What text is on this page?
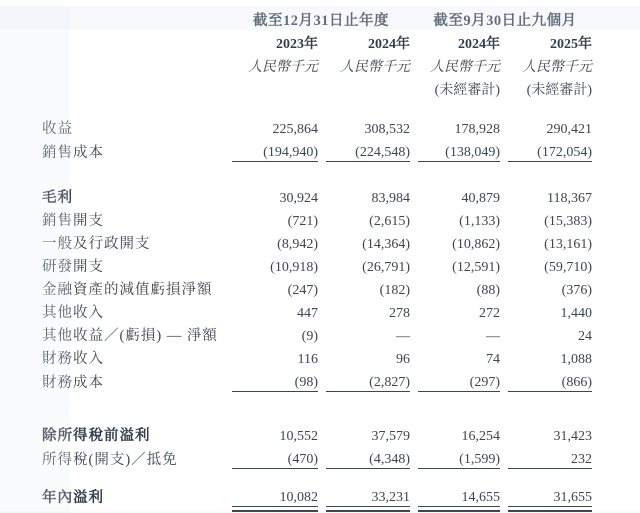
	截至12月31日止年度		截至9月30日止九個月	
	2023年	2024年	2024年	2025年
	人民幣千元	人民幣千元	人民幣千元	人民幣千元
			(未經審計)	(未經審計)

收益	225,864	308,532	178,928	290,421
銷售成本	(194,940)	(224,548)	(138,049)	(172,054)

毛利	30,924	83,984	40,879	118,367
銷售開支	(721)	(2,615)	(1,133)	(15,383)
一般及行政開支	(8,942)	(14,364)	(10,862)	(13,161)
研發開支	(10,918)	(26,791)	(12,591)	(59,710)
金融資產的減值虧損淨額	(247)	(182)	(88)	(376)
其他收入	447	278	272	1,440
其他收益／(虧損) — 淨額	(9)	—	—	24
財務收入	116	96	74	1,088
財務成本	(98)	(2,827)	(297)	(866)

除所得稅前溢利	10,552	37,579	16,254	31,423
所得稅(開支)／抵免	(470)	(4,348)	(1,599)	232

年內溢利	10,082	33,231	14,655	31,655
